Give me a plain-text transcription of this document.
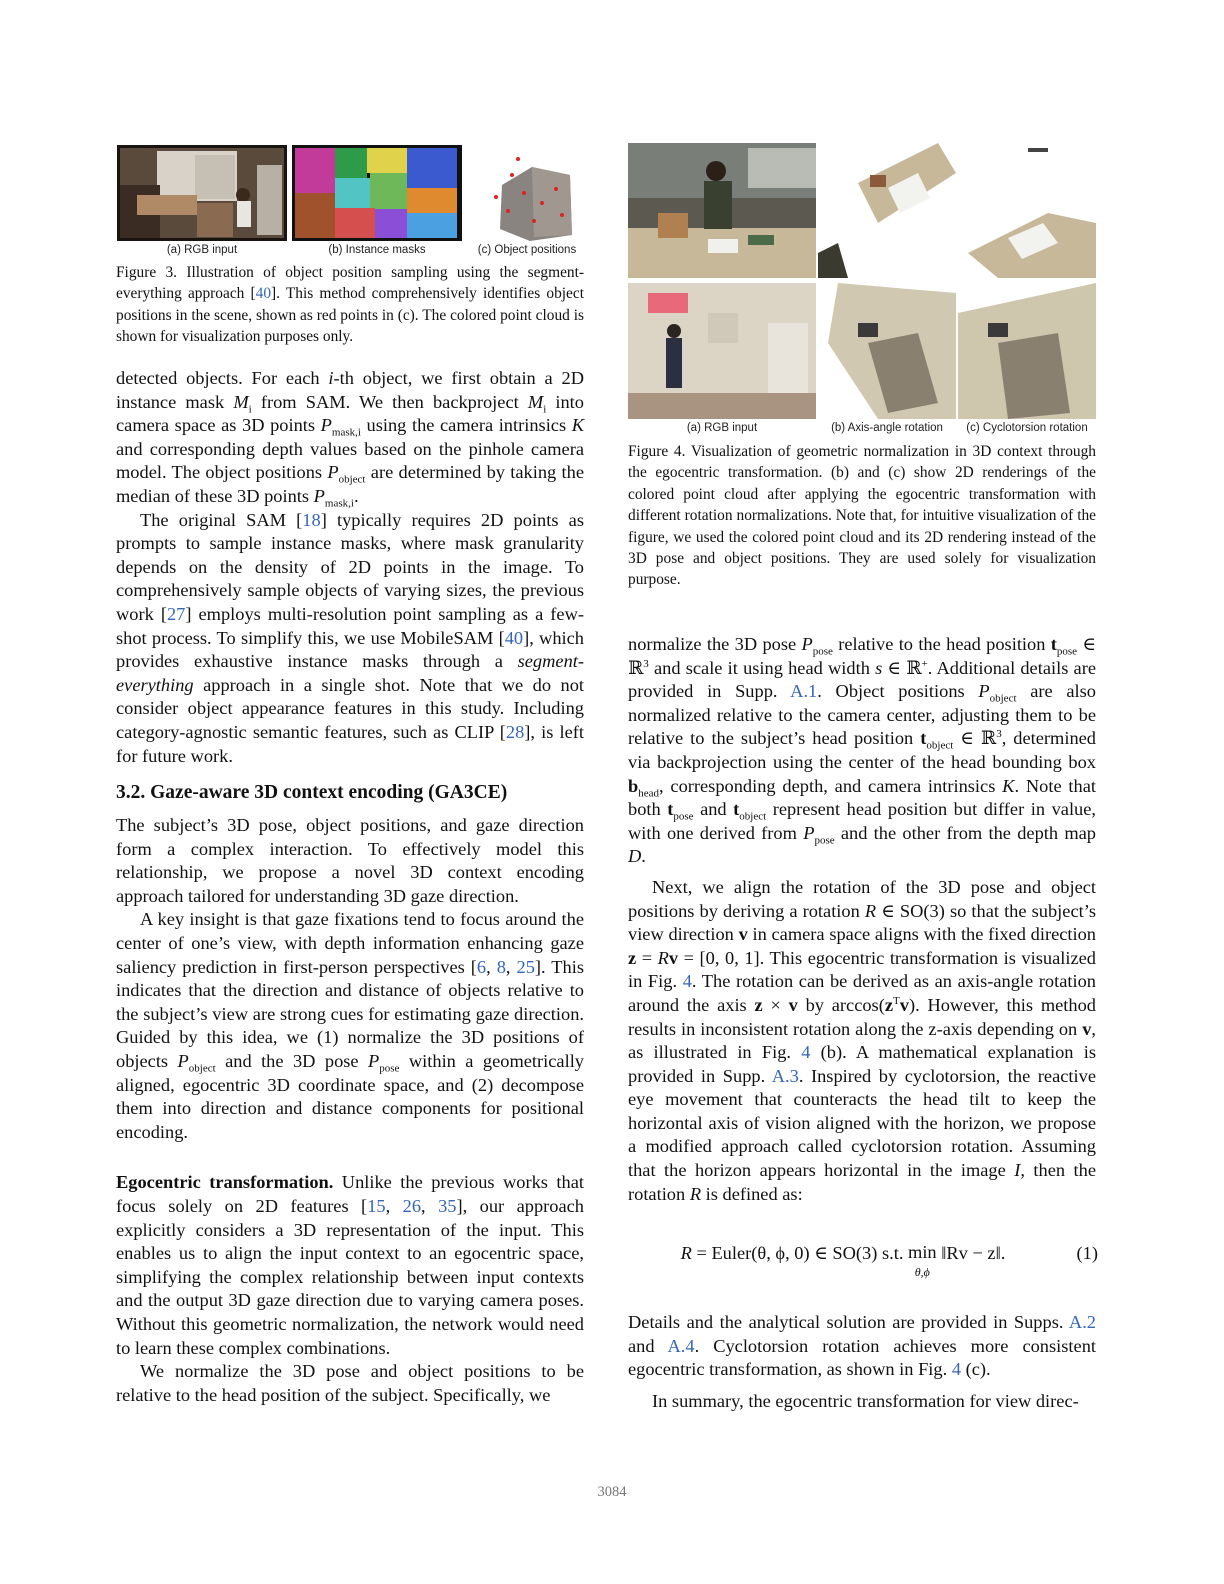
(a) RGB input	(b) Instance masks	(c) Object positions

Figure 3. Illustration of object position sampling using the segment-everything approach [40]. This method comprehensively identifies object positions in the scene, shown as red points in (c). The colored point cloud is shown for visualization purposes only.

detected objects. For each i-th object, we first obtain a 2D instance mask $M_i$ from SAM. We then backproject $M_i$ into camera space as 3D points $P_{mask,i}$ using the camera intrinsics K and corresponding depth values based on the pinhole camera model. The object positions $P_{object}$ are determined by taking the median of these 3D points $P_{mask,i}$.

The original SAM [18] typically requires 2D points as prompts to sample instance masks, where mask granularity depends on the density of 2D points in the image. To comprehensively sample objects of varying sizes, the previous work [27] employs multi-resolution point sampling as a few-shot process. To simplify this, we use MobileSAM [40], which provides exhaustive instance masks through a segment-everything approach in a single shot. Note that we do not consider object appearance features in this study. Including category-agnostic semantic features, such as CLIP [28], is left for future work.

3.2. Gaze-aware 3D context encoding (GA3CE)

The subject’s 3D pose, object positions, and gaze direction form a complex interaction. To effectively model this relationship, we propose a novel 3D context encoding approach tailored for understanding 3D gaze direction.

A key insight is that gaze fixations tend to focus around the center of one’s view, with depth information enhancing gaze saliency prediction in first-person perspectives [6, 8, 25]. This indicates that the direction and distance of objects relative to the subject’s view are strong cues for estimating gaze direction. Guided by this idea, we (1) normalize the 3D positions of objects $P_{object}$ and the 3D pose $P_{pose}$ within a geometrically aligned, egocentric 3D coordinate space, and (2) decompose them into direction and distance components for positional encoding.

Egocentric transformation. Unlike the previous works that focus solely on 2D features [15, 26, 35], our approach explicitly considers a 3D representation of the input. This enables us to align the input context to an egocentric space, simplifying the complex relationship between input contexts and the output 3D gaze direction due to varying camera poses. Without this geometric normalization, the network would need to learn these complex combinations.

We normalize the 3D pose and object positions to be relative to the head position of the subject. Specifically, we

(a) RGB input	(b) Axis-angle rotation	(c) Cyclotorsion rotation

Figure 4. Visualization of geometric normalization in 3D context through the egocentric transformation. (b) and (c) show 2D renderings of the colored point cloud after applying the egocentric transformation with different rotation normalizations. Note that, for intuitive visualization of the figure, we used the colored point cloud and its 2D rendering instead of the 3D pose and object positions. They are used solely for visualization purpose.

normalize the 3D pose $P_{pose}$ relative to the head position $t_{pose}$ ∈ ℝ$^3$ and scale it using head width s ∈ ℝ+. Additional details are provided in Supp. A.1. Object positions $P_{object}$ are also normalized relative to the camera center, adjusting them to be relative to the subject’s head position $t_{object}$ ∈ ℝ$^3$, determined via backprojection using the center of the head bounding box $b_{head}$, corresponding depth, and camera intrinsics K. Note that both $t_{pose}$ and $t_{object}$ represent head position but differ in value, with one derived from $P_{pose}$ and the other from the depth map D.

Next, we align the rotation of the 3D pose and object positions by deriving a rotation R ∈ SO(3) so that the subject’s view direction v in camera space aligns with the fixed direction z = Rv = [0, 0, 1]. This egocentric transformation is visualized in Fig. 4. The rotation can be derived as an axis-angle rotation around the axis z × v by $\arccos(z^Tv)$. However, this method results in inconsistent rotation along the z-axis depending on v, as illustrated in Fig. 4 (b). A mathematical explanation is provided in Supp. A.3. Inspired by cyclotorsion, the reactive eye movement that counteracts the head tilt to keep the horizontal axis of vision aligned with the horizon, we propose a modified approach called cyclotorsion rotation. Assuming that the horizon appears horizontal in the image I, then the rotation R is defined as:

R = Euler(θ, ϕ, 0) ∈ SO(3) s.t. min
θ,ϕ ‖Rv − z‖.	(1)

Details and the analytical solution are provided in Supps. A.2 and A.4. Cyclotorsion rotation achieves more consistent egocentric transformation, as shown in Fig. 4 (c).

In summary, the egocentric transformation for view direc-

3084
